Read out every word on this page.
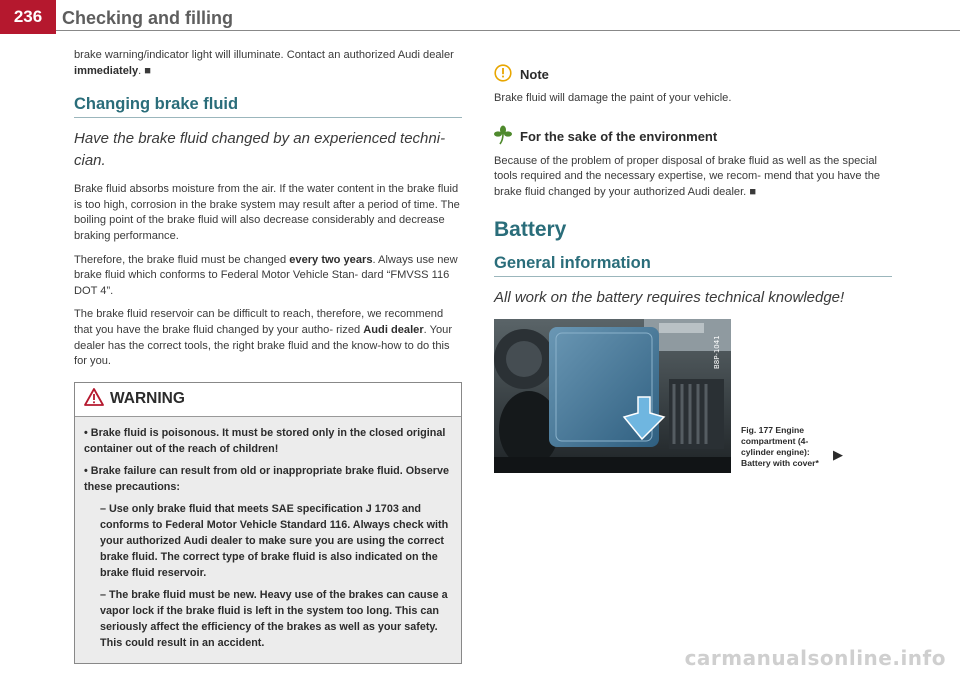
236	Checking and filling

brake warning/indicator light will illuminate. Contact an authorized Audi dealer immediately. ■

Changing brake fluid
Have the brake fluid changed by an experienced techni- cian.

Brake fluid absorbs moisture from the air. If the water content in the brake fluid is too high, corrosion in the brake system may result after a period of time. The boiling point of the brake fluid will also decrease considerably and decrease braking performance.

Therefore, the brake fluid must be changed every two years. Always use new brake fluid which conforms to Federal Motor Vehicle Stan- dard “FMVSS 116 DOT 4”.

The brake fluid reservoir can be difficult to reach, therefore, we recommend that you have the brake fluid changed by your autho- rized Audi dealer. Your dealer has the correct tools, the right brake fluid and the know-how to do this for you.

WARNING

• Brake fluid is poisonous. It must be stored only in the closed original container out of the reach of children!

• Brake failure can result from old or inappropriate brake fluid. Observe these precautions:

– Use only brake fluid that meets SAE specification J 1703 and conforms to Federal Motor Vehicle Standard 116. Always check with your authorized Audi dealer to make sure you are using the correct brake fluid. The correct type of brake fluid is also indicated on the brake fluid reservoir.

– The brake fluid must be new. Heavy use of the brakes can cause a vapor lock if the brake fluid is left in the system too long. This can seriously affect the efficiency of the brakes as well as your safety. This could result in an accident.

Note

Brake fluid will damage the paint of your vehicle.

For the sake of the environment

Because of the problem of proper disposal of brake fluid as well as the special tools required and the necessary expertise, we recom- mend that you have the brake fluid changed by your authorized Audi dealer. ■

Battery
General information
All work on the battery requires technical knowledge!
B8P-1041
Fig. 177 Engine compartment (4-cylinder engine): Battery with cover*
▶
carmanualsonline.info
